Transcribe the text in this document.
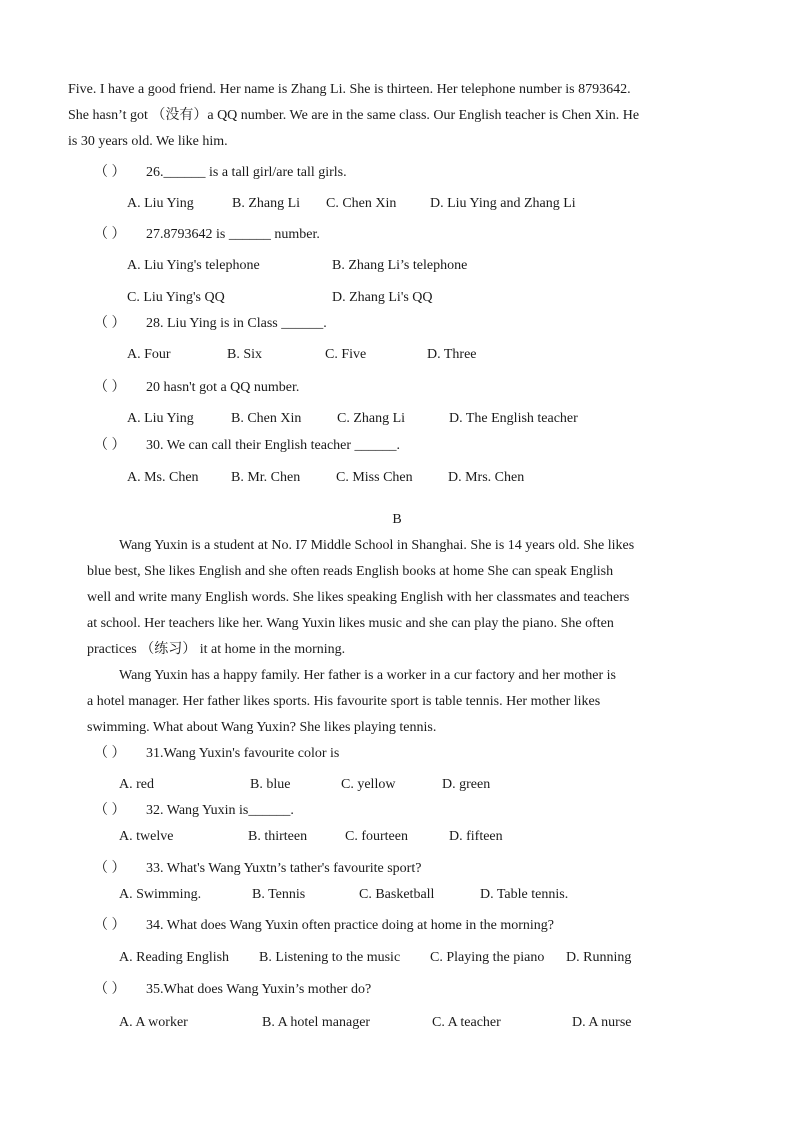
Five. I have a good friend. Her name is Zhang Li. She is thirteen. Her telephone number is 8793642.
She hasn’t got （没有）a QQ number. We are in the same class. Our English teacher is Chen Xin. He
is 30 years old. We like him.
（ ） 26.______ is a tall girl/are tall girls.
A. Liu Ying	B. Zhang Li C. Chen Xin D. Liu Ying and Zhang Li
（ ） 27.8793642 is ______ number.
A. Liu Ying's telephone	B. Zhang Li’s telephone
C. Liu Ying's QQ	D. Zhang Li's QQ
（ ） 28. Liu Ying is in Class ______.
A. Four	B. Six	C. Five	D. Three
（ ） 20 hasn't got a QQ number.
A. Liu Ying	B. Chen Xin	C. Zhang Li	D. The English teacher
（ ） 30. We can call their English teacher ______.
A. Ms. Chen B. Mr. Chen	C. Miss Chen	D. Mrs. Chen
B
Wang Yuxin is a student at No. I7 Middle School in Shanghai. She is 14 years old. She likes
blue best, She likes English and she often reads English books at home She can speak English
well and write many English words. She likes speaking English with her classmates and teachers
at school. Her teachers like her. Wang Yuxin likes music and she can play the piano. She often
practices （练习） it at home in the morning.
Wang Yuxin has a happy family. Her father is a worker in a cur factory and her mother is
a hotel manager. Her father likes sports. His favourite sport is table tennis. Her mother likes
swimming. What about Wang Yuxin? She likes playing tennis.
（ ） 31.Wang Yuxin's favourite color is
A. red	B. blue	C. yellow	D. green
（ ） 32. Wang Yuxin is______.
A. twelve	B. thirteen	C. fourteen	D. fifteen
（ ） 33. What's Wang Yuxtn’s tather's favourite sport?
A. Swimming.	B. Tennis	C. Basketball	D. Table tennis.
（ ） 34. What does Wang Yuxin often practice doing at home in the morning?
A. Reading English B. Listening to the music C. Playing the piano D. Running
（ ） 35.What does Wang Yuxin’s mother do?
A. A worker	B. A hotel manager	C. A teacher	D. A nurse
